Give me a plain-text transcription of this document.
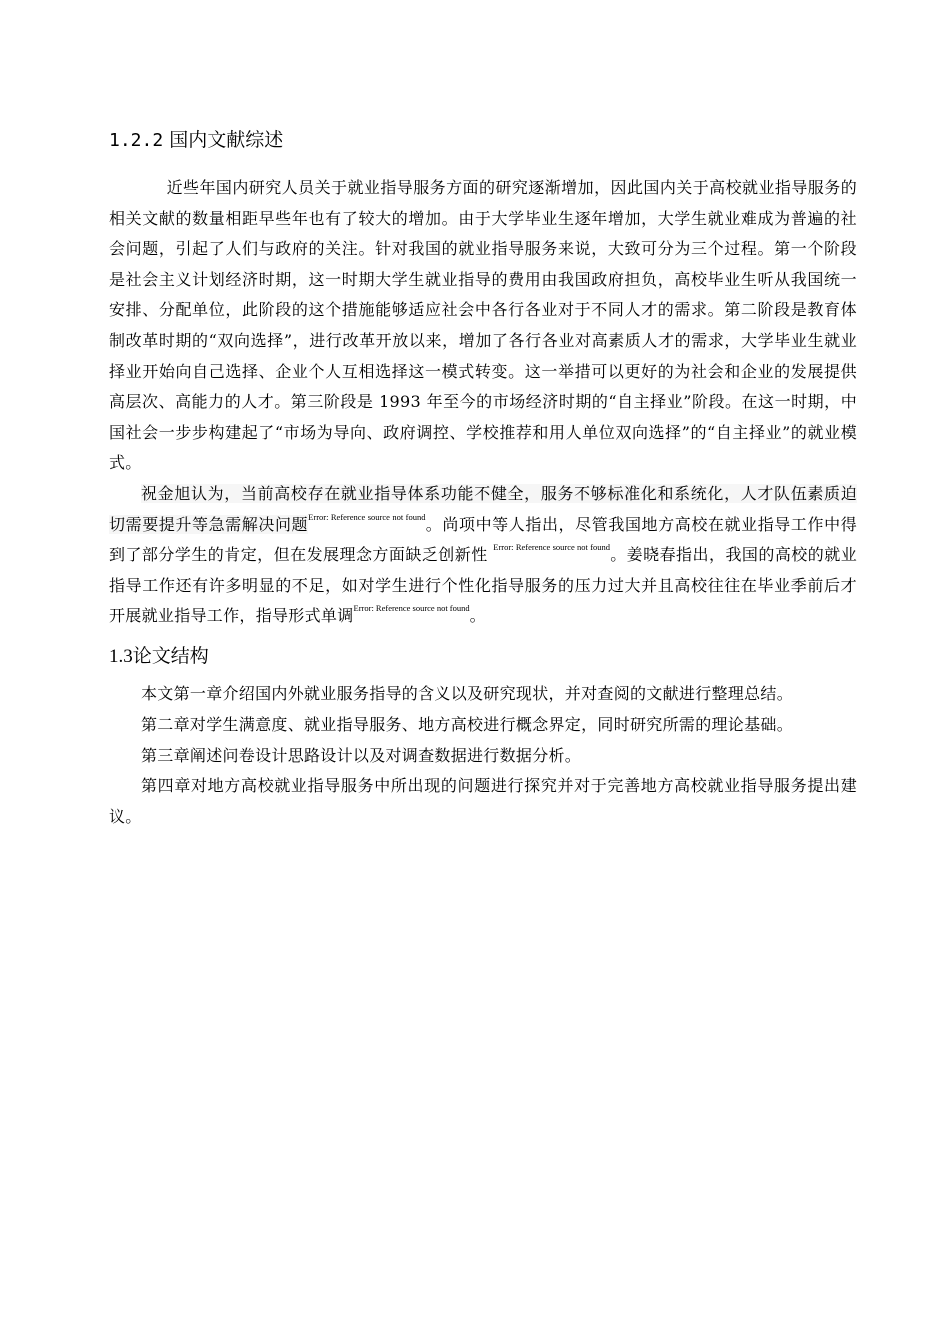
1.2.2 国内文献综述

近些年国内研究人员关于就业指导服务方面的研究逐渐增加，因此国内关于高校就业指导服务的相关文献的数量相距早些年也有了较大的增加。由于大学毕业生逐年增加，大学生就业难成为普遍的社会问题，引起了人们与政府的关注。针对我国的就业指导服务来说，大致可分为三个过程。第一个阶段是社会主义计划经济时期，这一时期大学生就业指导的费用由我国政府担负，高校毕业生听从我国统一安排、分配单位，此阶段的这个措施能够适应社会中各行各业对于不同人才的需求。第二阶段是教育体制改革时期的“双向选择”，进行改革开放以来，增加了各行各业对高素质人才的需求，大学毕业生就业择业开始向自己选择、企业个人互相选择这一模式转变。这一举措可以更好的为社会和企业的发展提供高层次、高能力的人才。第三阶段是 1993 年至今的市场经济时期的“自主择业”阶段。在这一时期，中国社会一步步构建起了“市场为导向、政府调控、学校推荐和用人单位双向选择”的“自主择业”的就业模式。

祝金旭认为，当前高校存在就业指导体系功能不健全，服务不够标准化和系统化，人才队伍素质迫切需要提升等急需解决问题$^{Error: Reference source not found}$。尚项中等人指出，尽管我国地方高校在就业指导工作中得到了部分学生的肯定，但在发展理念方面缺乏创新性 $^{Error: Reference source not found}$。姜晓春指出，我国的高校的就业指导工作还有许多明显的不足，如对学生进行个性化指导服务的压力过大并且高校往往在毕业季前后才开展就业指导工作，指导形式单调$^{Error: Reference source not found}$。

1.3论文结构

本文第一章介绍国内外就业服务指导的含义以及研究现状，并对查阅的文献进行整理总结。

第二章对学生满意度、就业指导服务、地方高校进行概念界定，同时研究所需的理论基础。

第三章阐述问卷设计思路设计以及对调查数据进行数据分析。

第四章对地方高校就业指导服务中所出现的问题进行探究并对于完善地方高校就业指导服务提出建议。
